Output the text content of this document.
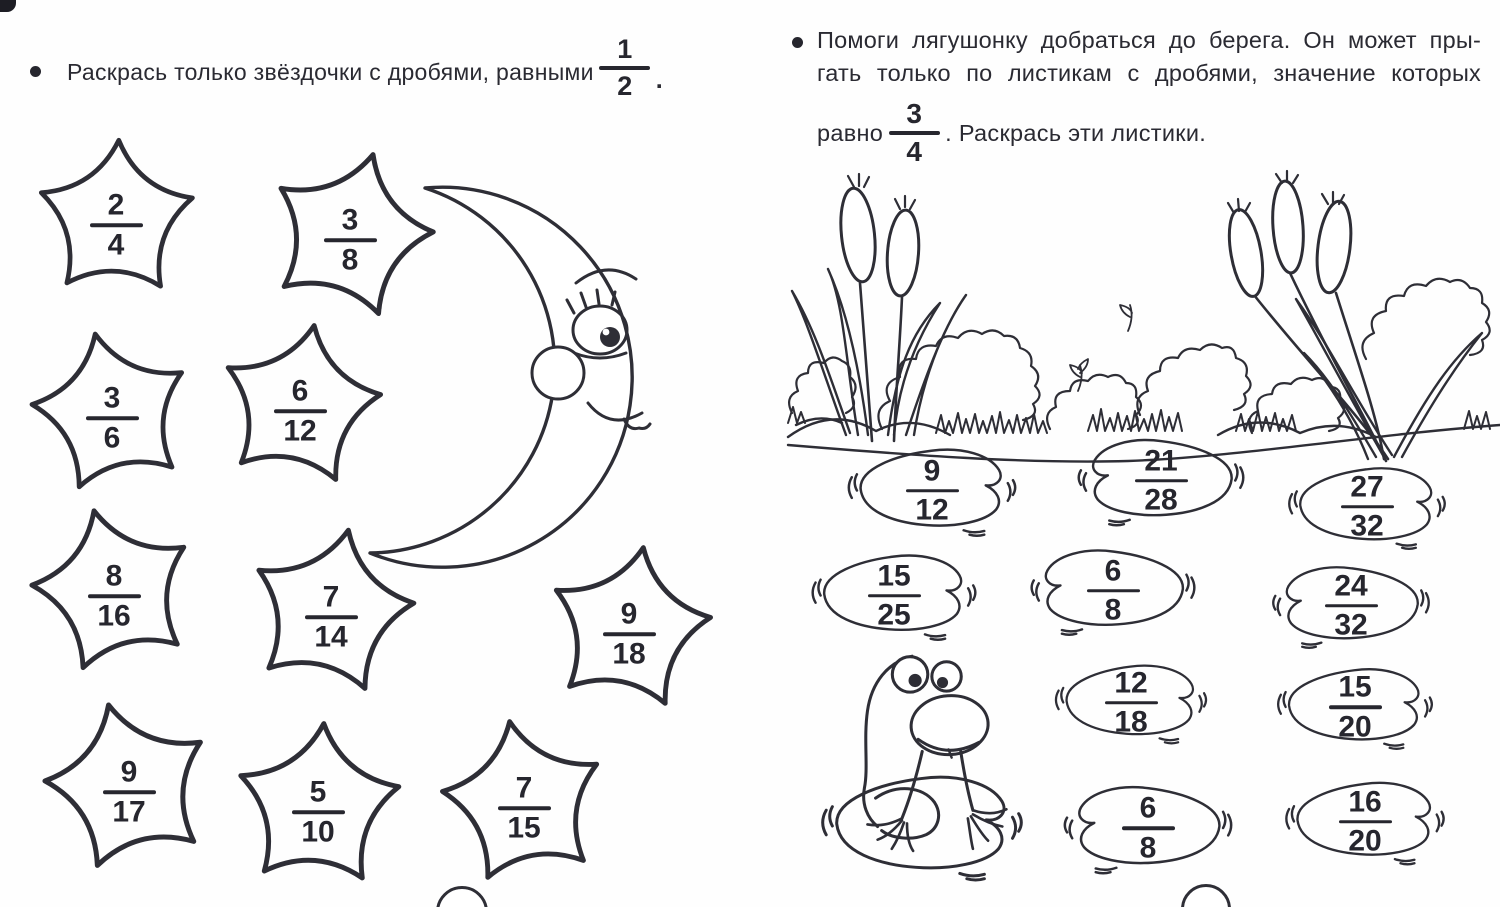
Раскрась только звёздочки с дробями, равными $\frac{1}{2}$ .
2
4
3
8
3
6
6
12
8
16
7
14
9
18
9
17
5
10
7
15
Помоги лягушонку добраться до берега. Он может пры-
гать только по листикам с дробями, значение которых
равно $\frac{3}{4}$ . Раскрась эти листики.
9
12
21
28	27
32
15
25
6
8
24
32
12
18
15
20
6
8
16
20
